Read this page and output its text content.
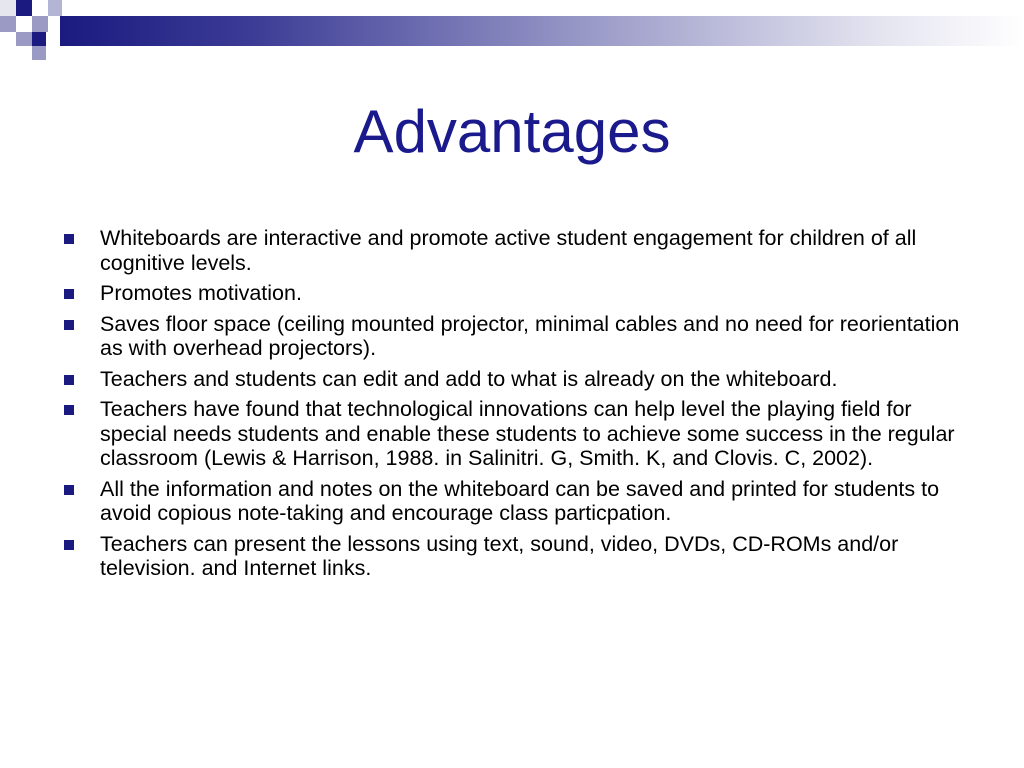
Advantages
Whiteboards are interactive and promote active student engagement for children of all cognitive levels.
Promotes motivation.
Saves floor space (ceiling mounted projector, minimal cables and no need for reorientation as with overhead projectors).
Teachers and students can edit and add to what is already on the whiteboard.
Teachers have found that technological innovations can help level the playing field for special needs students and enable these students to achieve some success in the regular classroom (Lewis & Harrison, 1988. in Salinitri. G, Smith. K, and Clovis. C, 2002).
All the information and notes on the whiteboard can be saved and printed for students to avoid copious note-taking and encourage class particpation.
Teachers can present the lessons using text, sound, video, DVDs, CD-ROMs and/or television. and Internet links.
